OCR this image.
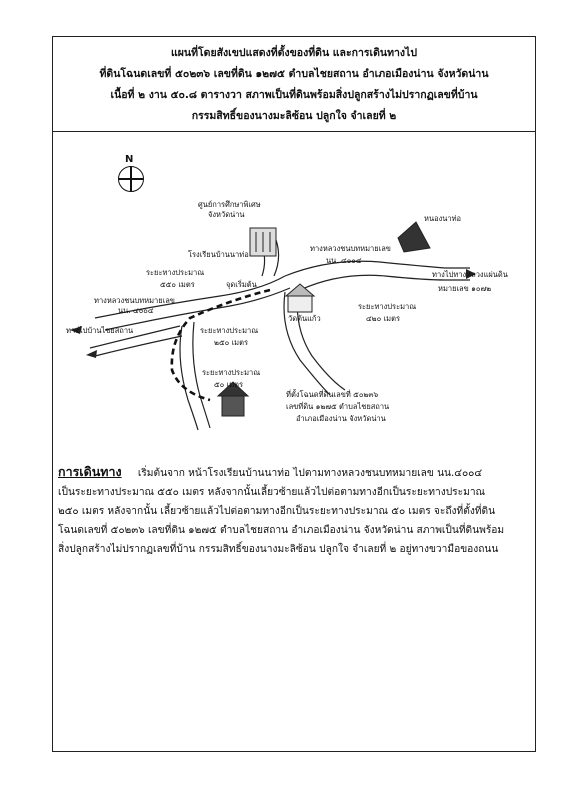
แผนที่โดยสังเขปแสดงที่ตั้งของที่ดิน และการเดินทางไป
ที่ดินโฉนดเลขที่ ๕๐๒๓๖ เลขที่ดิน ๑๒๗๕ ตำบลไชยสถาน อำเภอเมืองน่าน จังหวัดน่าน
เนื้อที่ ๒ งาน ๕๐.๘ ตารางวา สภาพเป็นที่ดินพร้อมสิ่งปลูกสร้างไม่ปรากฏเลขที่บ้าน
กรรมสิทธิ์ของนางมะลิซ้อน ปลูกใจ จำเลยที่ ๒
N
ศูนย์การศึกษาพิเศษ
จังหวัดน่าน
โรงเรียนบ้านนาท่อ
จุดเริ่มต้น
ระยะทางประมาณ
๕๕๐ เมตร
ทางหลวงชนบทหมายเลข
นน. ๔๐๐๔
ทางไปบ้านไชยสถาน	ระยะทางประมาณ
๒๕๐ เมตร
ระยะทางประมาณ
๕๐ เมตร
ทางหลวงชนบทหมายเลข
นน. ๔๐๐๔
ระยะทางประมาณ
๔๒๐ เมตร
วัดต้นแก้ว
หนองนาท่อ
ทางไปทางหลวงแผ่นดิน
หมายเลข ๑๐๗๒
ที่ตั้งโฉนดที่ดินเลขที่ ๕๐๒๓๖
เลขที่ดิน ๑๒๗๕ ตำบลไชยสถาน
อำเภอเมืองน่าน จังหวัดน่าน
การเดินทาง เริ่มต้นจาก หน้าโรงเรียนบ้านนาท่อ ไปตามทางหลวงชนบทหมายเลข นน.๔๐๐๔
เป็นระยะทางประมาณ ๕๕๐ เมตร หลังจากนั้นเลี้ยวซ้ายแล้วไปต่อตามทางอีกเป็นระยะทางประมาณ
๒๕๐ เมตร หลังจากนั้น เลี้ยวซ้ายแล้วไปต่อตามทางอีกเป็นระยะทางประมาณ ๕๐ เมตร จะถึงที่ตั้งที่ดิน
โฉนดเลขที่ ๕๐๒๓๖ เลขที่ดิน ๑๒๗๕ ตำบลไชยสถาน อำเภอเมืองน่าน จังหวัดน่าน สภาพเป็นที่ดินพร้อม
สิ่งปลูกสร้างไม่ปรากฏเลขที่บ้าน กรรมสิทธิ์ของนางมะลิซ้อน ปลูกใจ จำเลยที่ ๒ อยู่ทางขวามือของถนน
